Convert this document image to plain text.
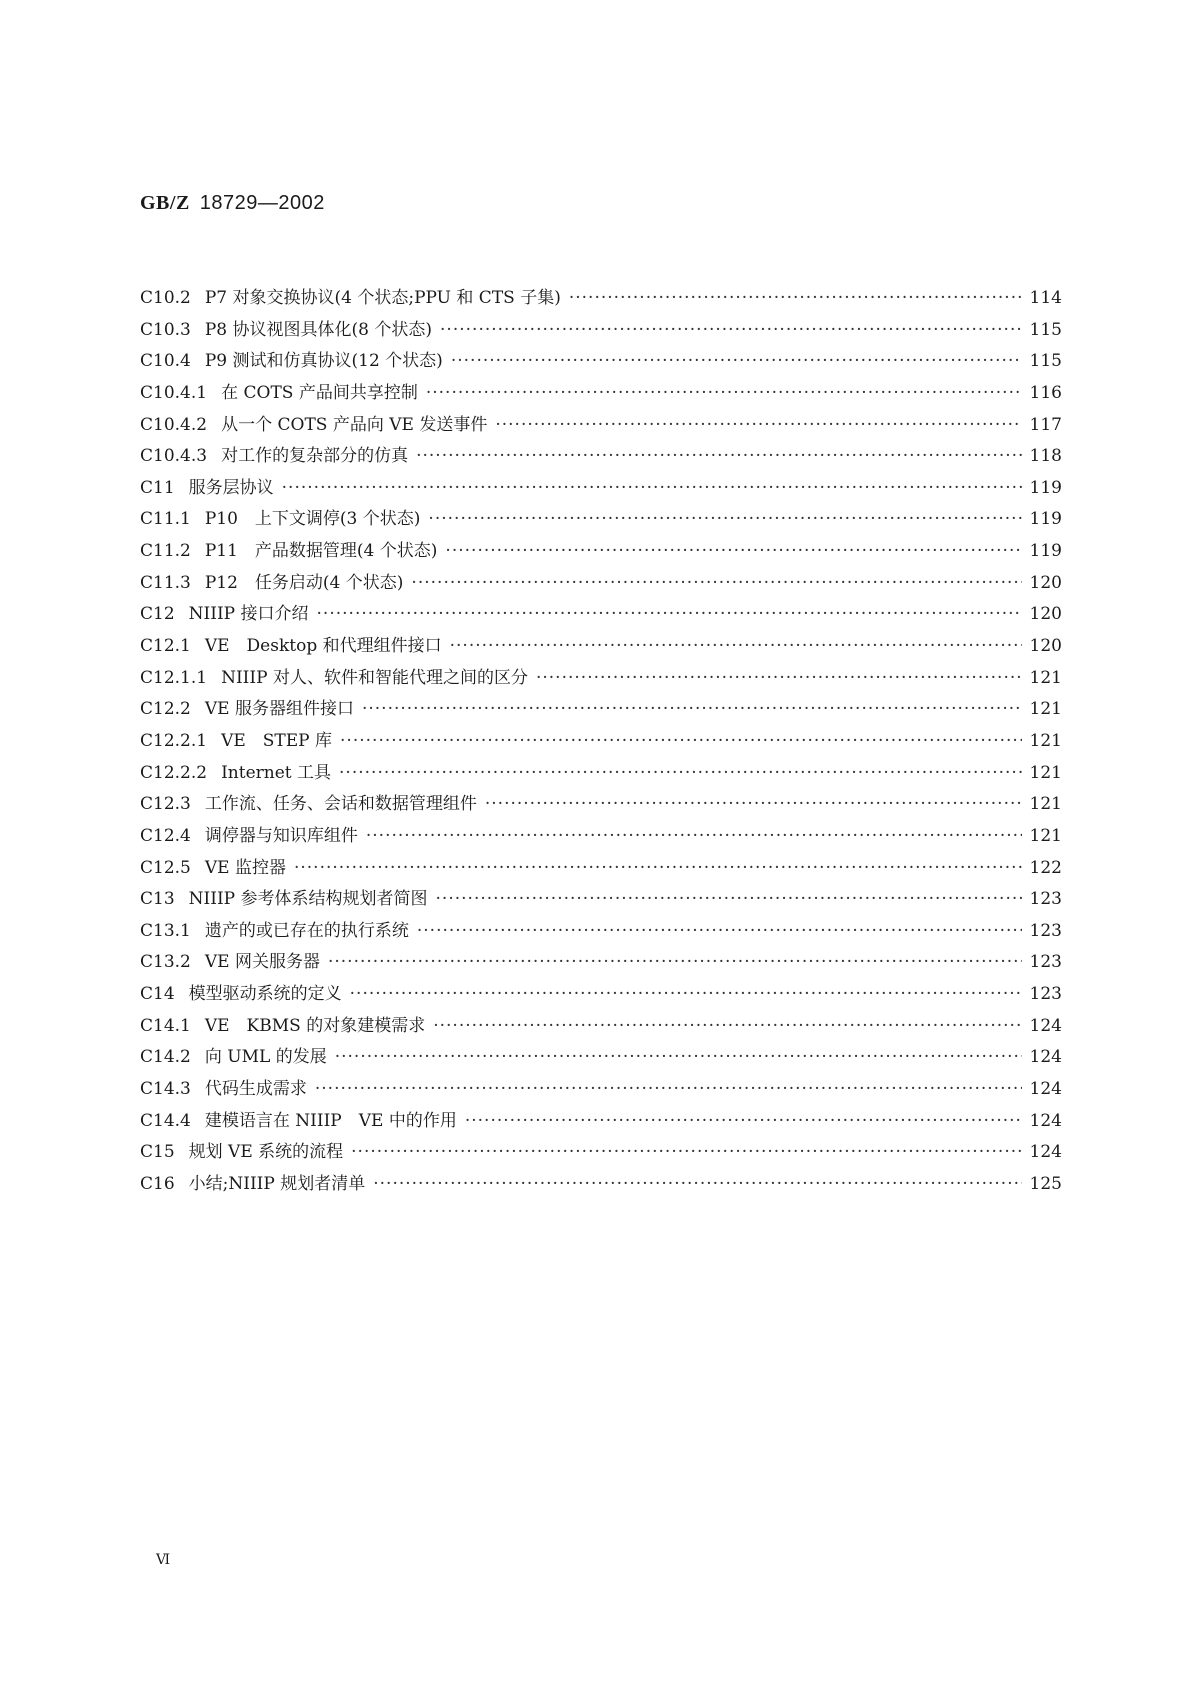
GB/Z 18729—2002
C10.2 P7 对象交换协议(4 个状态;PPU 和 CTS 子集) ·····	114
C10.3 P8 协议视图具体化(8 个状态) ·····	115
C10.4 P9 测试和仿真协议(12 个状态) ·····	115
C10.4.1 在 COTS 产品间共享控制 ·····	116
C10.4.2 从一个 COTS 产品向 VE 发送事件 ·····	117
C10.4.3 对工作的复杂部分的仿真 ·····	118
C11 服务层协议 ·····	119
C11.1 P10　上下文调停(3 个状态) ·····	119
C11.2 P11　产品数据管理(4 个状态) ·····	119
C11.3 P12　任务启动(4 个状态) ·····	120
C12 NIIIP 接口介绍 ·····	120
C12.1 VE　Desktop 和代理组件接口 ·····	120
C12.1.1 NIIIP 对人、软件和智能代理之间的区分 ·····	121
C12.2 VE 服务器组件接口 ·····	121
C12.2.1 VE　STEP 库 ·····	121
C12.2.2 Internet 工具 ·····	121
C12.3 工作流、任务、会话和数据管理组件 ·····	121
C12.4 调停器与知识库组件 ·····	121
C12.5 VE 监控器 ·····	122
C13 NIIIP 参考体系结构规划者简图 ·····	123
C13.1 遗产的或已存在的执行系统 ·····	123
C13.2 VE 网关服务器 ·····	123
C14 模型驱动系统的定义 ·····	123
C14.1 VE　KBMS 的对象建模需求 ·····	124
C14.2 向 UML 的发展 ·····	124
C14.3 代码生成需求 ·····	124
C14.4 建模语言在 NIIIP　VE 中的作用 ·····	124
C15 规划 VE 系统的流程 ·····	124
C16 小结;NIIIP 规划者清单 ·····	125
Ⅵ
